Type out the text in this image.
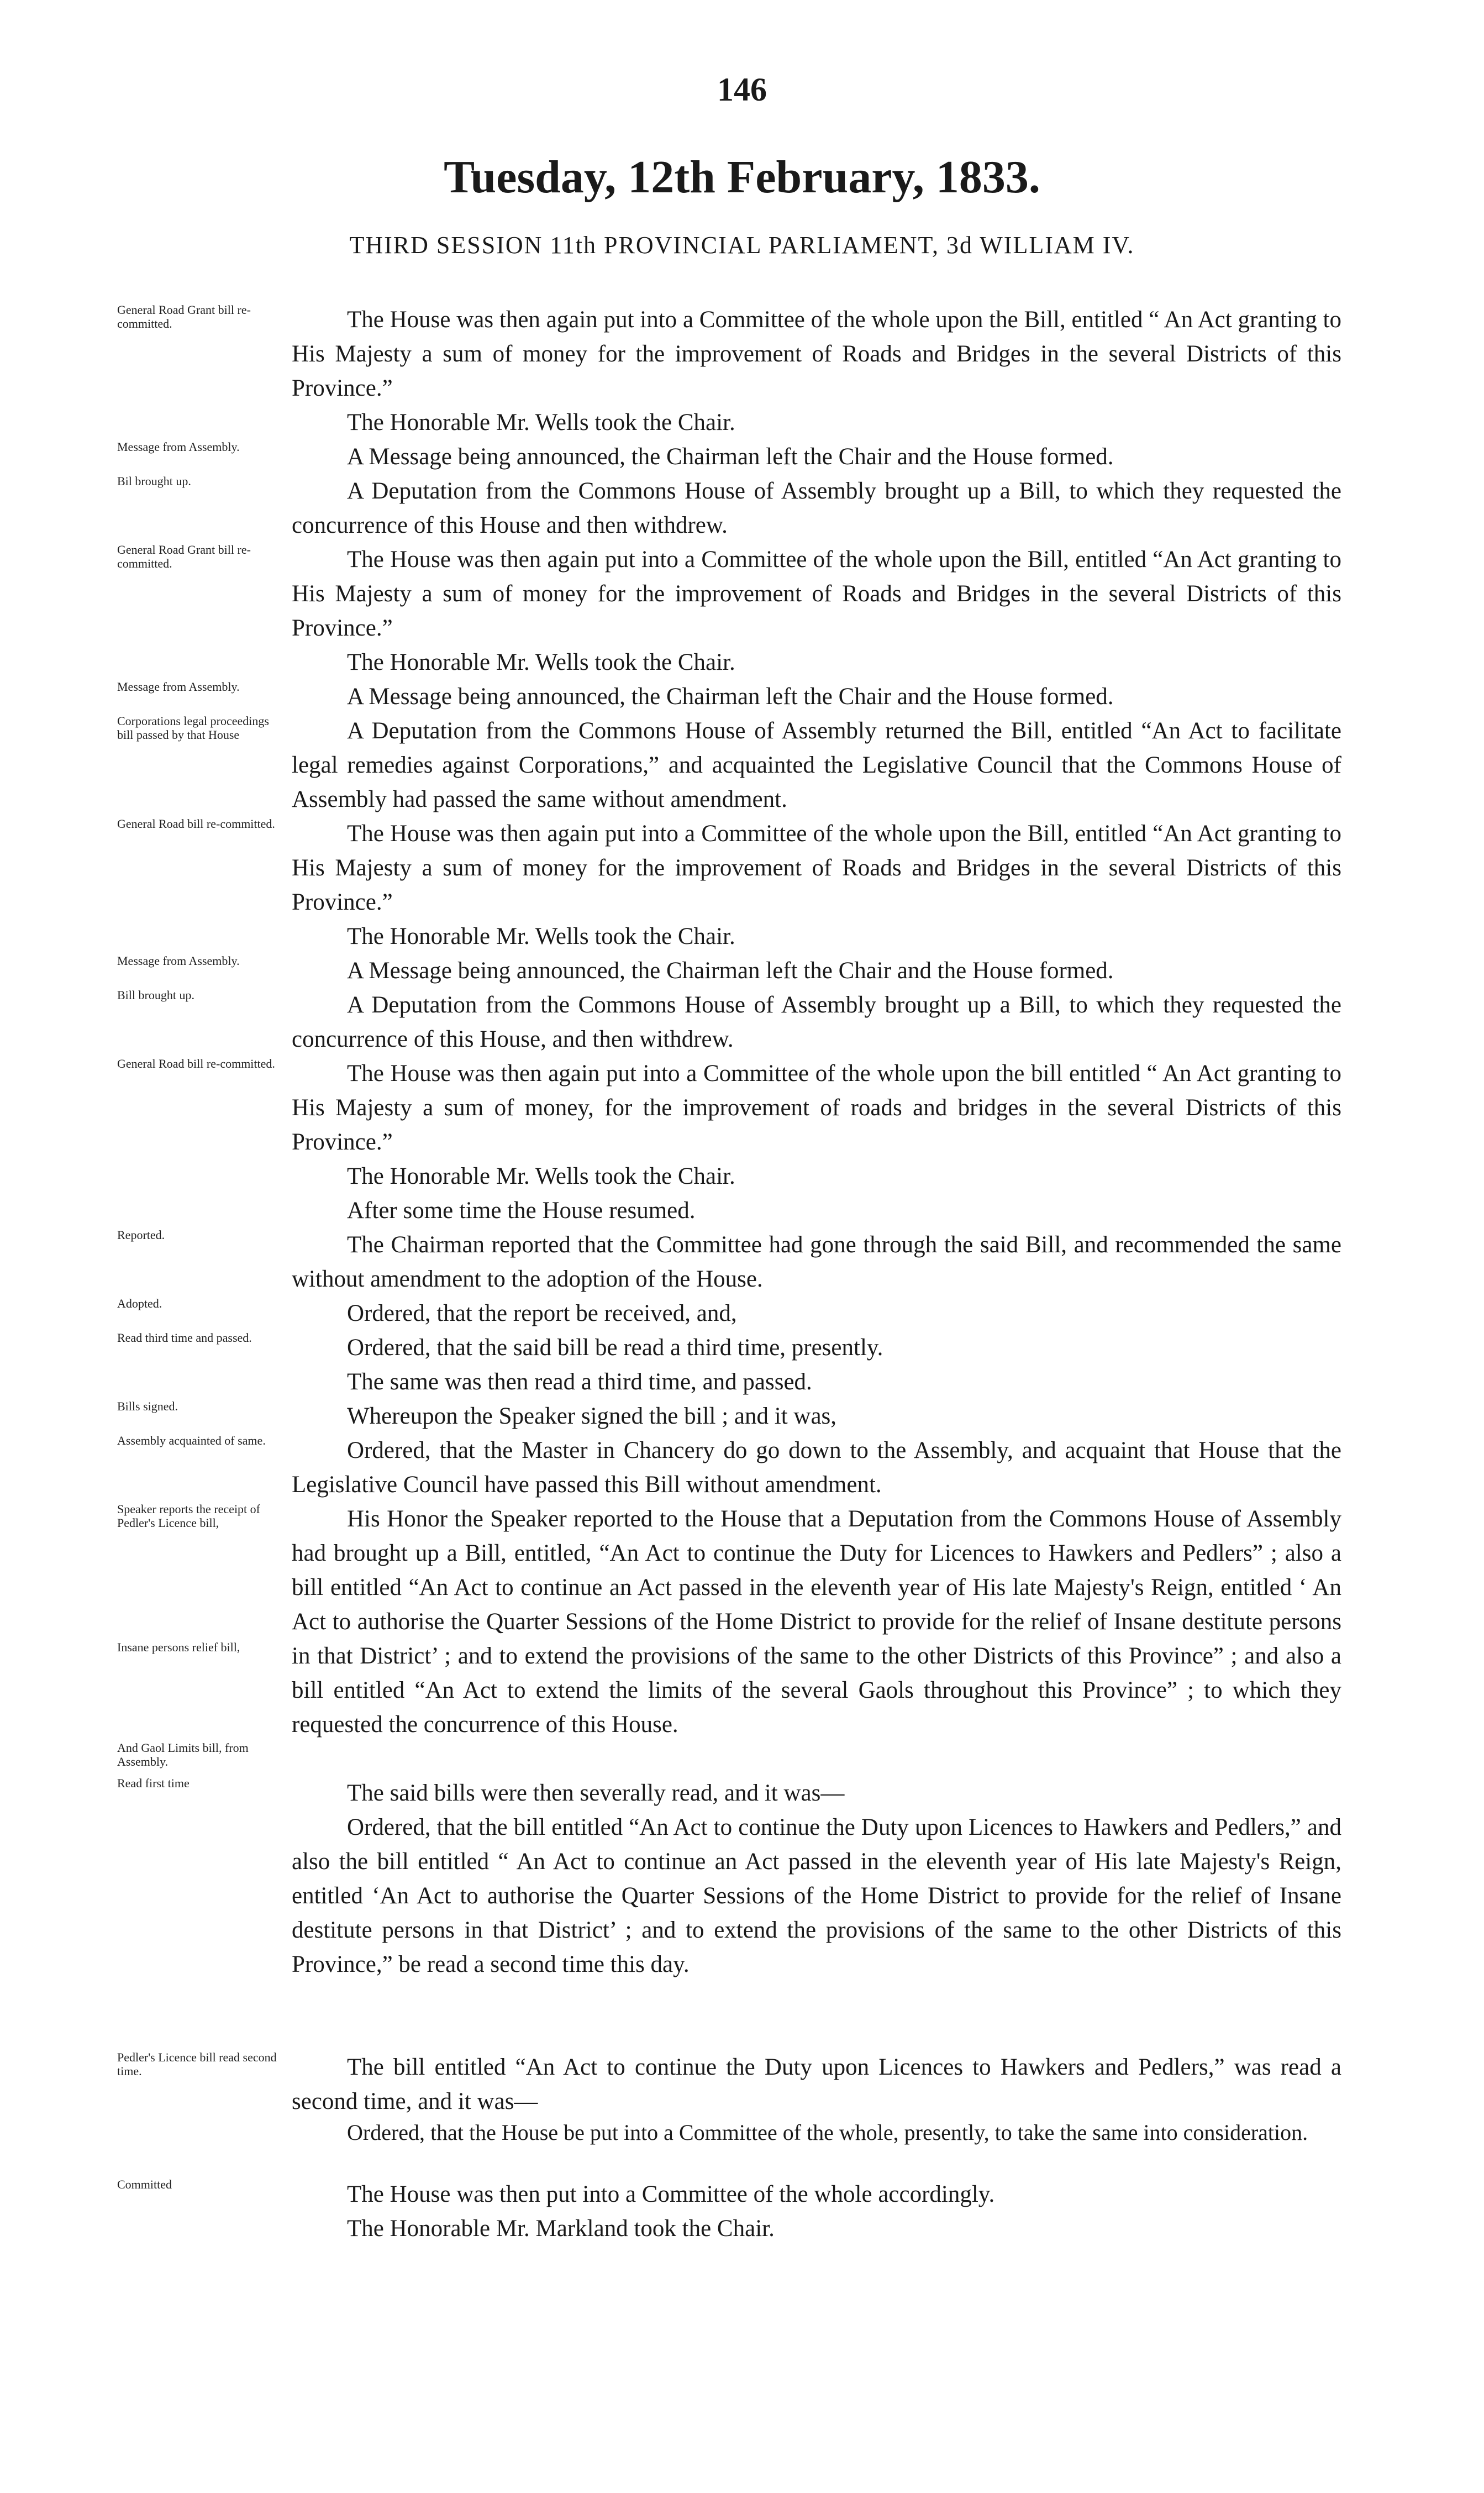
146
Tuesday, 12th February, 1833.
THIRD SESSION 11th PROVINCIAL PARLIAMENT, 3d WILLIAM IV.
General Road Grant bill re-committed.	The House was then again put into a Committee of the whole upon the Bill, entitled “ An Act granting to His Majesty a sum of money for the improvement of Roads and Bridges in the several Districts of this Province.”
The Honorable Mr. Wells took the Chair.
Message from Assembly.	A Message being announced, the Chairman left the Chair and the House formed.
Bil brought up.	A Deputation from the Commons House of Assembly brought up a Bill, to which they requested the concurrence of this House and then withdrew.
General Road Grant bill re-committed.	The House was then again put into a Committee of the whole upon the Bill, entitled “An Act granting to His Majesty a sum of money for the improvement of Roads and Bridges in the several Districts of this Province.”
The Honorable Mr. Wells took the Chair.
Message from Assembly.	A Message being announced, the Chairman left the Chair and the House formed.
Corporations legal proceedings bill passed by that House	A Deputation from the Commons House of Assembly returned the Bill, entitled “An Act to facilitate legal remedies against Corporations,” and acquainted the Legislative Council that the Commons House of Assembly had passed the same without amendment.
General Road bill re-committed.	The House was then again put into a Committee of the whole upon the Bill, entitled “An Act granting to His Majesty a sum of money for the improvement of Roads and Bridges in the several Districts of this Province.”
The Honorable Mr. Wells took the Chair.
Message from Assembly.	A Message being announced, the Chairman left the Chair and the House formed.
Bill brought up.	A Deputation from the Commons House of Assembly brought up a Bill, to which they requested the concurrence of this House, and then withdrew.
General Road bill re-committed.	The House was then again put into a Committee of the whole upon the bill entitled “ An Act granting to His Majesty a sum of money, for the improvement of roads and bridges in the several Districts of this Province.”
The Honorable Mr. Wells took the Chair.
After some time the House resumed.
Reported.	The Chairman reported that the Committee had gone through the said Bill, and recommended the same without amendment to the adoption of the House.
Adopted.	Ordered, that the report be received, and,
Read third time and passed.	Ordered, that the said bill be read a third time, presently.
The same was then read a third time, and passed.
Bills signed.	Whereupon the Speaker signed the bill ; and it was,
Assembly acquainted of same.	Ordered, that the Master in Chancery do go down to the Assembly, and acquaint that House that the Legislative Council have passed this Bill without amendment.
Speaker reports the receipt of Pedler's Licence bill,	His Honor the Speaker reported to the House that a Deputation from the Commons House of Assembly had brought up a Bill, entitled, “An Act to continue the Duty for Licences to Hawkers and Pedlers” ; also a bill entitled “An Act to continue an Act passed in the eleventh year of His late Majesty's Reign, entitled ‘ An Act to authorise the Quarter Sessions of the Home District to provide for the relief of Insane destitute persons in that District’ ; and to extend the provisions of the same to the other Districts of this Province” ; and also a bill entitled “An Act to extend the limits of the several Gaols throughout this Province” ; to which they requested the concurrence of this House.
Insane persons relief bill,
And Gaol Limits bill, from Assembly.
Read first time	The said bills were then severally read, and it was—
Ordered, that the bill entitled “An Act to continue the Duty upon Licences to Hawkers and Pedlers,” and also the bill entitled “ An Act to continue an Act passed in the eleventh year of His late Majesty's Reign, entitled ‘An Act to authorise the Quarter Sessions of the Home District to provide for the relief of Insane destitute persons in that District’ ; and to extend the provisions of the same to the other Districts of this Province,” be read a second time this day.
Pedler's Licence bill read second time.	The bill entitled “An Act to continue the Duty upon Licences to Hawkers and Pedlers,” was read a second time, and it was—
Ordered, that the House be put into a Committee of the whole, presently, to take the same into consideration.
Committed	The House was then put into a Committee of the whole accordingly.
The Honorable Mr. Markland took the Chair.
